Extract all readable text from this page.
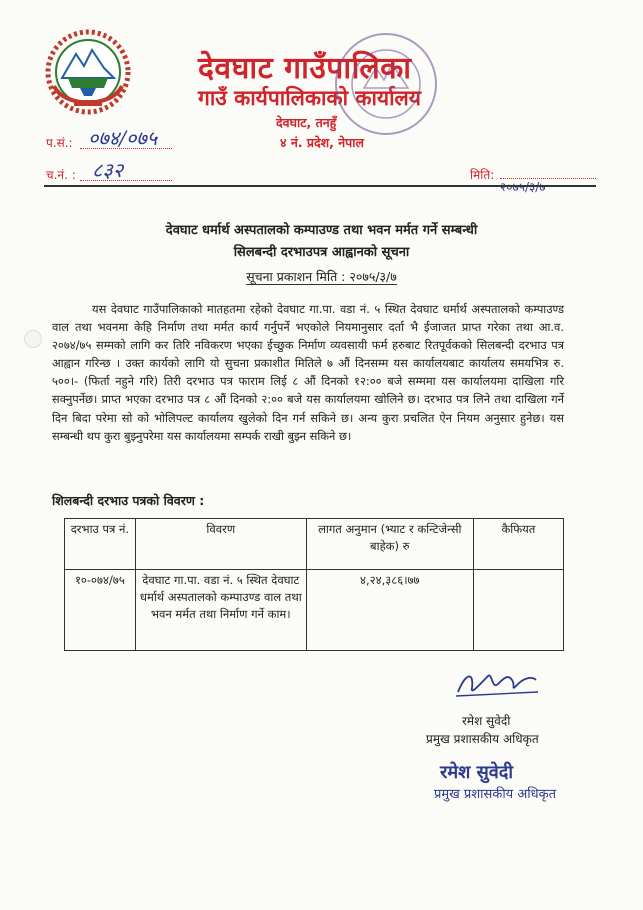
देवघाट गाउँपालिका
गाउँ कार्यपालिकाको कार्यालय
देवघाट, तनहुँ
४ नं. प्रदेश, नेपाल
प.सं.: ०७४/०७५
च.नं. : ८३२	मिति:
२०७५/३/७
देवघाट धर्मार्थ अस्पतालको कम्पाउण्ड तथा भवन मर्मत गर्ने सम्बन्धी
सिलबन्दी दरभाउपत्र आह्वानको सूचना
सूचना प्रकाशन मिति : २०७५/३/७

यस देवघाट गाउँपालिकाको मातहतमा रहेको देवघाट गा.पा. वडा नं. ५ स्थित देवघाट धर्मार्थ अस्पतालको कम्पाउण्ड वाल तथा भवनमा केहि निर्माण तथा मर्मत कार्य गर्नुपर्ने भएकोले नियमानुसार दर्ता भै ईजाजत प्राप्त गरेका तथा आ.व. २०७४/७५ सम्मको लागि कर तिरि नविकरण भएका ईच्छुक निर्माण व्यवसायी फर्म हरुबाट रितपूर्वकको सिलबन्दी दरभाउ पत्र आह्वान गरिन्छ । उक्त कार्यको लागि यो सुचना प्रकाशीत मितिले ७ औं दिनसम्म यस कार्यालयबाट कार्यालय समयभित्र रु. ५००।- (फिर्ता नहुने गरि) तिरी दरभाउ पत्र फाराम लिई ८ औं दिनको १२:०० बजे सम्ममा यस कार्यालयमा दाखिला गरि सक्नुपर्नेछ। प्राप्त भएका दरभाउ पत्र ८ औं दिनको २:०० बजे यस कार्यालयमा खोलिने छ। दरभाउ पत्र लिने तथा दाखिला गर्ने दिन बिदा परेमा सो को भोलिपल्ट कार्यालय खुलेको दिन गर्न सकिने छ। अन्य कुरा प्रचलित ऐन नियम अनुसार हुनेछ। यस सम्बन्धी थप कुरा बुझ्नुपरेमा यस कार्यालयमा सम्पर्क राखी बुझ्न सकिने छ।

शिलबन्दी दरभाउ पत्रको विवरण :
दरभाउ पत्र नं.	विवरण	लागत अनुमान (भ्याट र कन्टिजेन्सी बाहेक) रु	कैफियत
१०-०७४/७५	देवघाट गा.पा. वडा नं. ५ स्थित देवघाट धर्मार्थ अस्पतालको कम्पाउण्ड वाल तथा भवन मर्मत तथा निर्माण गर्ने काम।	४,२४,३८६।७७	
रमेश सुवेदी
प्रमुख प्रशासकीय अधिकृत
रमेश सुवेदी
प्रमुख प्रशासकीय अधिकृत
